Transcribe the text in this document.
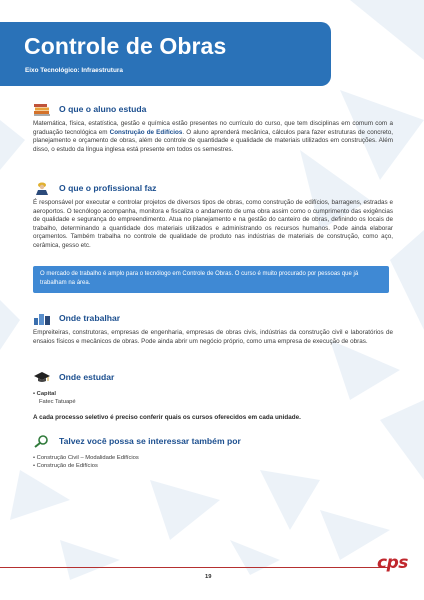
Controle de Obras
Eixo Tecnológico: Infraestrutura
O que o aluno estuda
Matemática, física, estatística, gestão e química estão presentes no currículo do curso, que tem disciplinas em comum com a graduação tecnológica em Construção de Edifícios. O aluno aprenderá mecânica, cálculos para fazer estruturas de concreto, planejamento e orçamento de obras, além de controle de quantidade e qualidade de materiais utilizados em construções. Além disso, o estudo da língua inglesa está presente em todos os semestres.
O que o profissional faz
É responsável por executar e controlar projetos de diversos tipos de obras, como construção de edifícios, barragens, estradas e aeroportos. O tecnólogo acompanha, monitora e fiscaliza o andamento de uma obra assim como o cumprimento das exigências de qualidade e segurança do empreendimento. Atua no planejamento e na gestão do canteiro de obras, definindo os locais de trabalho, determinando a quantidade dos materiais utilizados e administrando os recursos humanos. Pode ainda elaborar orçamentos. Também trabalha no controle de qualidade de produto nas indústrias de materiais de construção, como aço, cerâmica, gesso etc.
O mercado de trabalho é amplo para o tecnólogo em Controle de Obras. O curso é muito procurado por pessoas que já trabalham na área.
Onde trabalhar
Empreiteiras, construtoras, empresas de engenharia, empresas de obras civis, indústrias da construção civil e laboratórios de ensaios físicos e mecânicos de obras. Pode ainda abrir um negócio próprio, como uma empresa de execução de obras.
Onde estudar
• Capital
Fatec Tatuapé
A cada processo seletivo é preciso conferir quais os cursos oferecidos em cada unidade.
Talvez você possa se interessar também por
• Construção Civil – Modalidade Edifícios
• Construção de Edifícios
19
cps
